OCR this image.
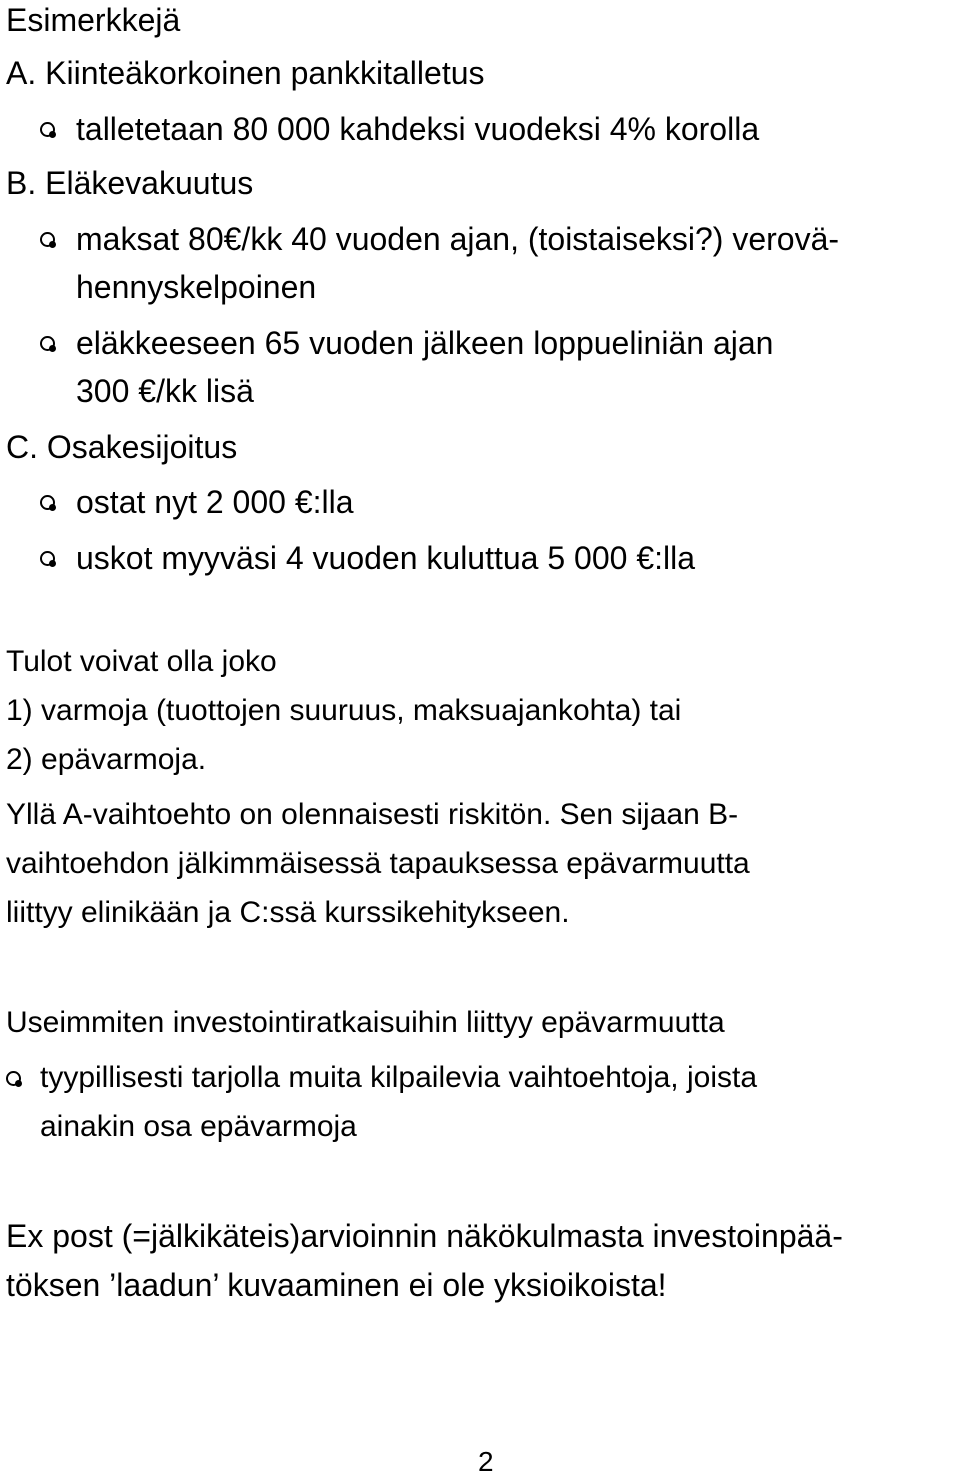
Esimerkkejä
A. Kiinteäkorkoinen pankkitalletus
talletetaan 80 000 kahdeksi vuodeksi 4% korolla
B. Eläkevakuutus
maksat 80€/kk 40 vuoden ajan, (toistaiseksi?) verovä-
hennyskelpoinen
eläkkeeseen 65 vuoden jälkeen loppueliniän ajan
300 €/kk lisä
C. Osakesijoitus
ostat nyt 2 000 €:lla
uskot myyväsi 4 vuoden kuluttua 5 000 €:lla
Tulot voivat olla joko
1) varmoja (tuottojen suuruus, maksuajankohta) tai
2) epävarmoja.
Yllä A-vaihtoehto on olennaisesti riskitön. Sen sijaan B-
vaihtoehdon jälkimmäisessä tapauksessa epävarmuutta
liittyy elinikään ja C:ssä kurssikehitykseen.
Useimmiten investointiratkaisuihin liittyy epävarmuutta
tyypillisesti tarjolla muita kilpailevia vaihtoehtoja, joista
ainakin osa epävarmoja
Ex post (=jälkikäteis)arvioinnin näkökulmasta investoinpää-
töksen ’laadun’ kuvaaminen ei ole yksioikoista!
2
